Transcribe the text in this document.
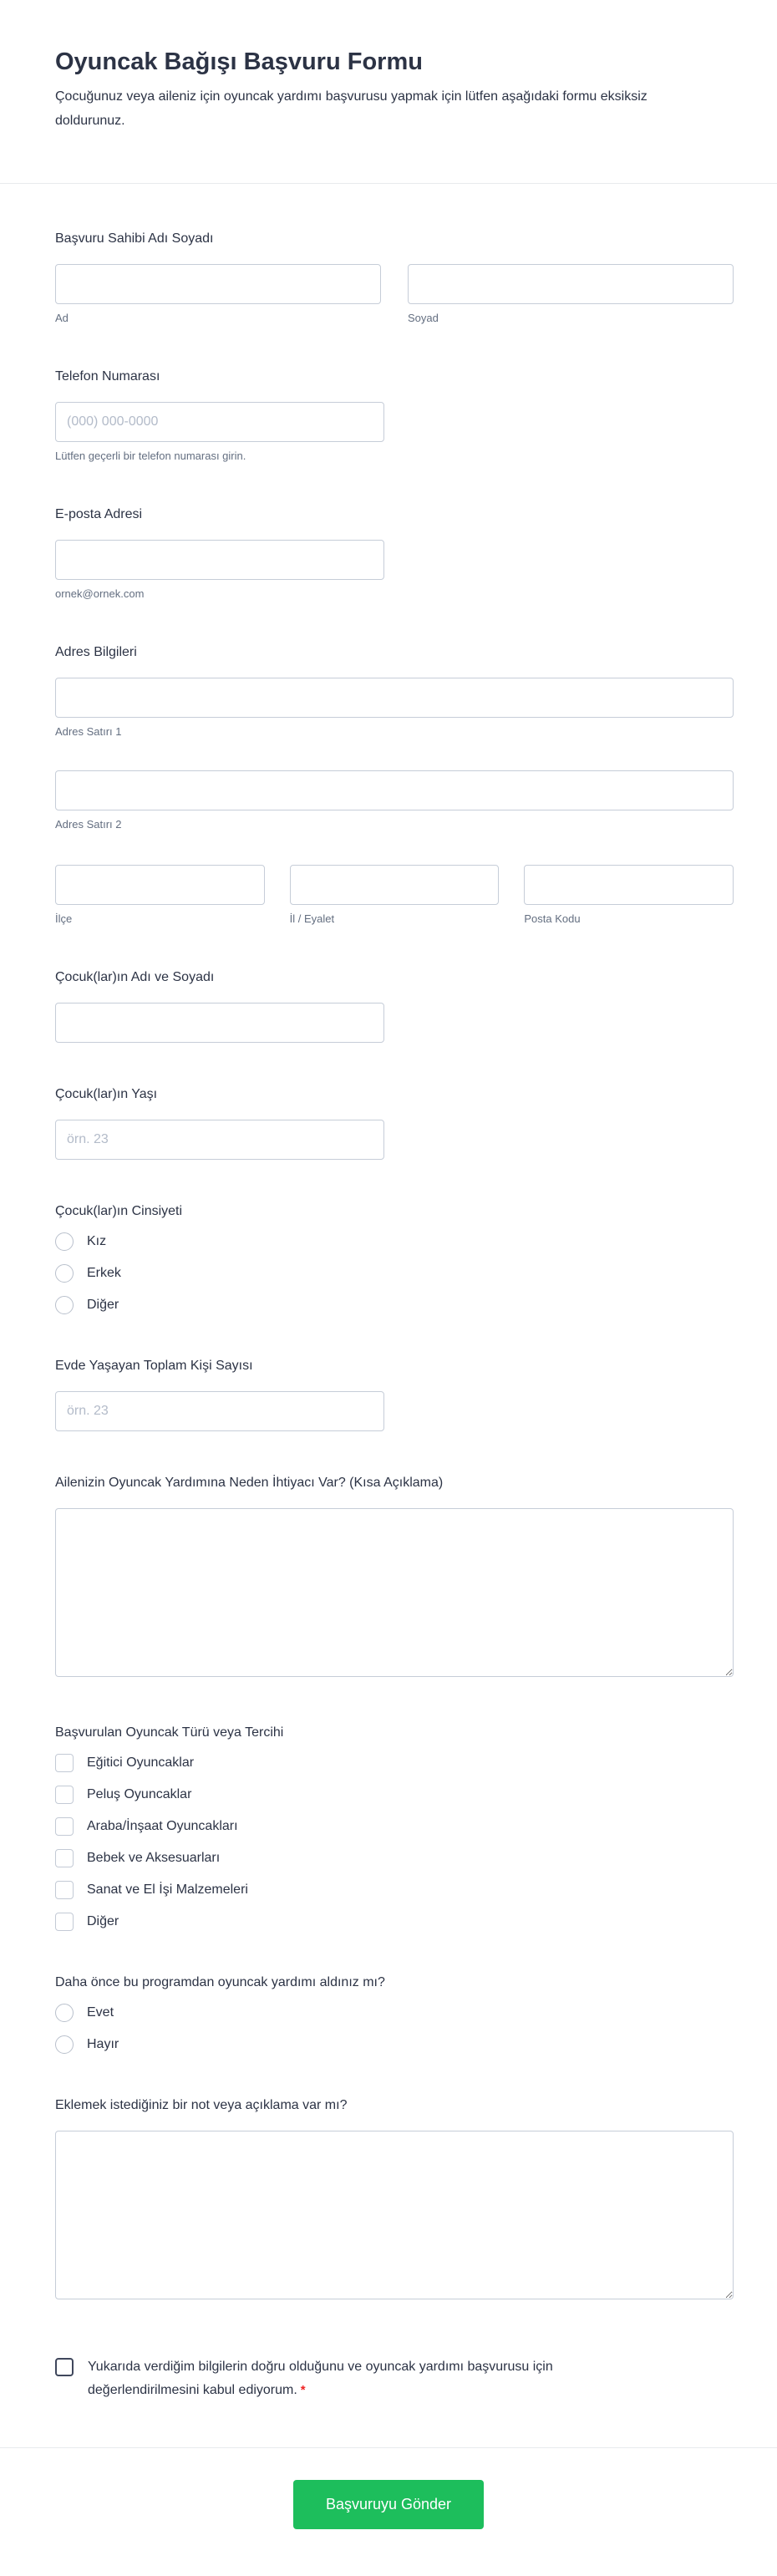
Oyuncak Bağışı Başvuru Formu

Çocuğunuz veya aileniz için oyuncak yardımı başvurusu yapmak için lütfen aşağıdaki formu eksiksiz doldurunuz.

Başvuru Sahibi Adı Soyadı
Ad	Soyad
Telefon Numarası
(000) 000-0000
Lütfen geçerli bir telefon numarası girin.
E-posta Adresi
ornek@ornek.com
Adres Bilgileri
Adres Satırı 1
Adres Satırı 2
İlçe	İl / Eyalet	Posta Kodu
Çocuk(lar)ın Adı ve Soyadı
Çocuk(lar)ın Yaşı
örn. 23
Çocuk(lar)ın Cinsiyeti
Kız
Erkek
Diğer
Evde Yaşayan Toplam Kişi Sayısı
örn. 23
Ailenizin Oyuncak Yardımına Neden İhtiyacı Var? (Kısa Açıklama)
Başvurulan Oyuncak Türü veya Tercihi
Eğitici Oyuncaklar
Peluş Oyuncaklar
Araba/İnşaat Oyuncakları
Bebek ve Aksesuarları
Sanat ve El İşi Malzemeleri
Diğer
Daha önce bu programdan oyuncak yardımı aldınız mı?
Evet
Hayır
Eklemek istediğiniz bir not veya açıklama var mı?
Yukarıda verdiğim bilgilerin doğru olduğunu ve oyuncak yardımı başvurusu için değerlendirilmesini kabul ediyorum. *
Başvuruyu Gönder
